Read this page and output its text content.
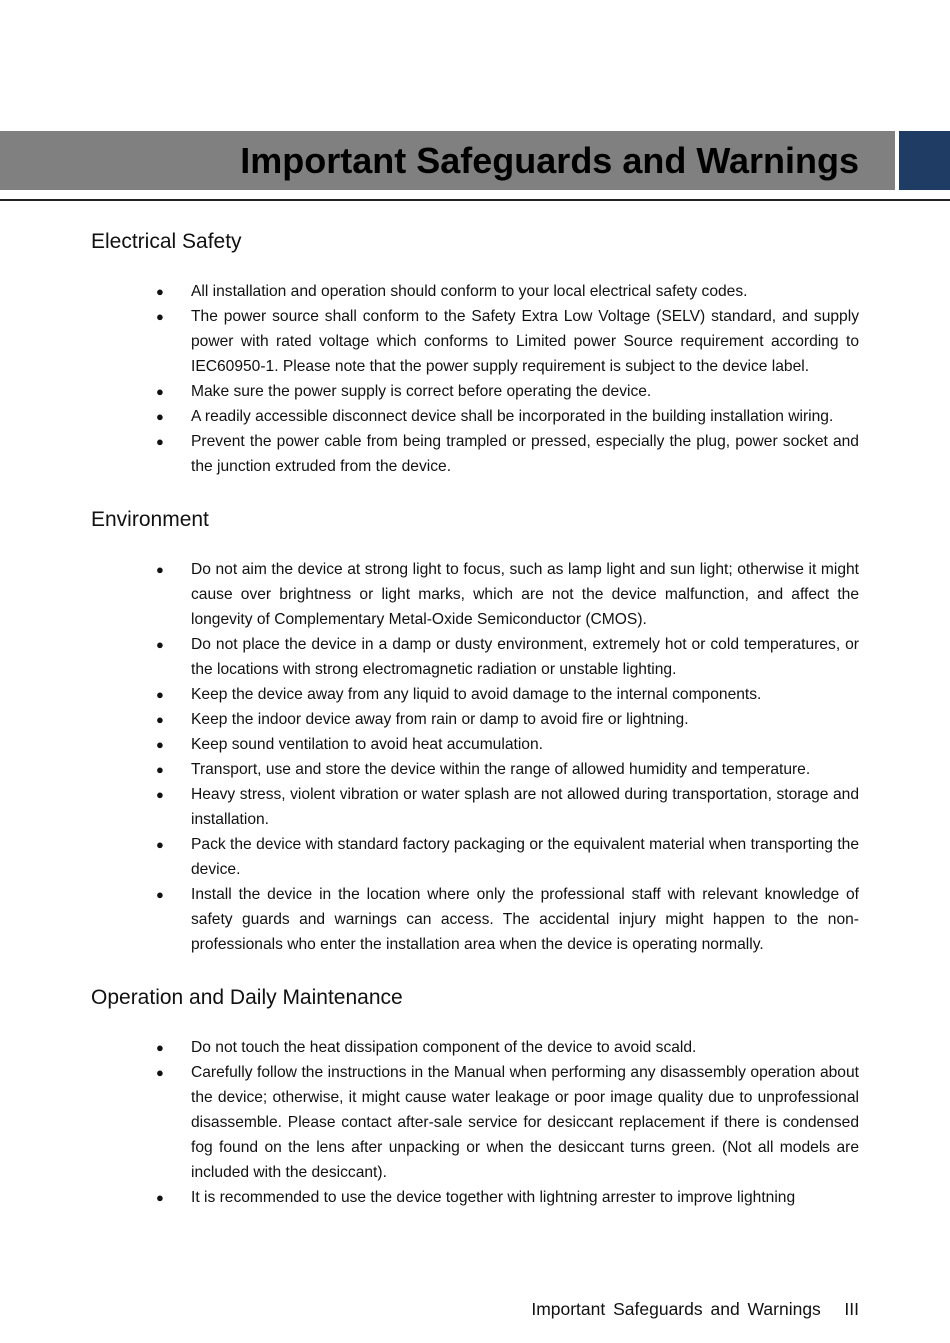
Important Safeguards and Warnings
Electrical Safety
● All installation and operation should conform to your local electrical safety codes.
● The power source shall conform to the Safety Extra Low Voltage (SELV) standard, and supply power with rated voltage which conforms to Limited power Source requirement according to IEC60950-1. Please note that the power supply requirement is subject to the device label.
● Make sure the power supply is correct before operating the device.
● A readily accessible disconnect device shall be incorporated in the building installation wiring.
● Prevent the power cable from being trampled or pressed, especially the plug, power socket and the junction extruded from the device.
Environment
● Do not aim the device at strong light to focus, such as lamp light and sun light; otherwise it might cause over brightness or light marks, which are not the device malfunction, and affect the longevity of Complementary Metal-Oxide Semiconductor (CMOS).
● Do not place the device in a damp or dusty environment, extremely hot or cold temperatures, or the locations with strong electromagnetic radiation or unstable lighting.
● Keep the device away from any liquid to avoid damage to the internal components.
● Keep the indoor device away from rain or damp to avoid fire or lightning.
● Keep sound ventilation to avoid heat accumulation.
● Transport, use and store the device within the range of allowed humidity and temperature.
● Heavy stress, violent vibration or water splash are not allowed during transportation, storage and installation.
● Pack the device with standard factory packaging or the equivalent material when transporting the device.
● Install the device in the location where only the professional staff with relevant knowledge of safety guards and warnings can access. The accidental injury might happen to the non-professionals who enter the installation area when the device is operating normally.
Operation and Daily Maintenance
● Do not touch the heat dissipation component of the device to avoid scald.
● Carefully follow the instructions in the Manual when performing any disassembly operation about the device; otherwise, it might cause water leakage or poor image quality due to unprofessional disassemble. Please contact after-sale service for desiccant replacement if there is condensed fog found on the lens after unpacking or when the desiccant turns green. (Not all models are included with the desiccant).
● It is recommended to use the device together with lightning arrester to improve lightning
Important Safeguards and Warnings III
